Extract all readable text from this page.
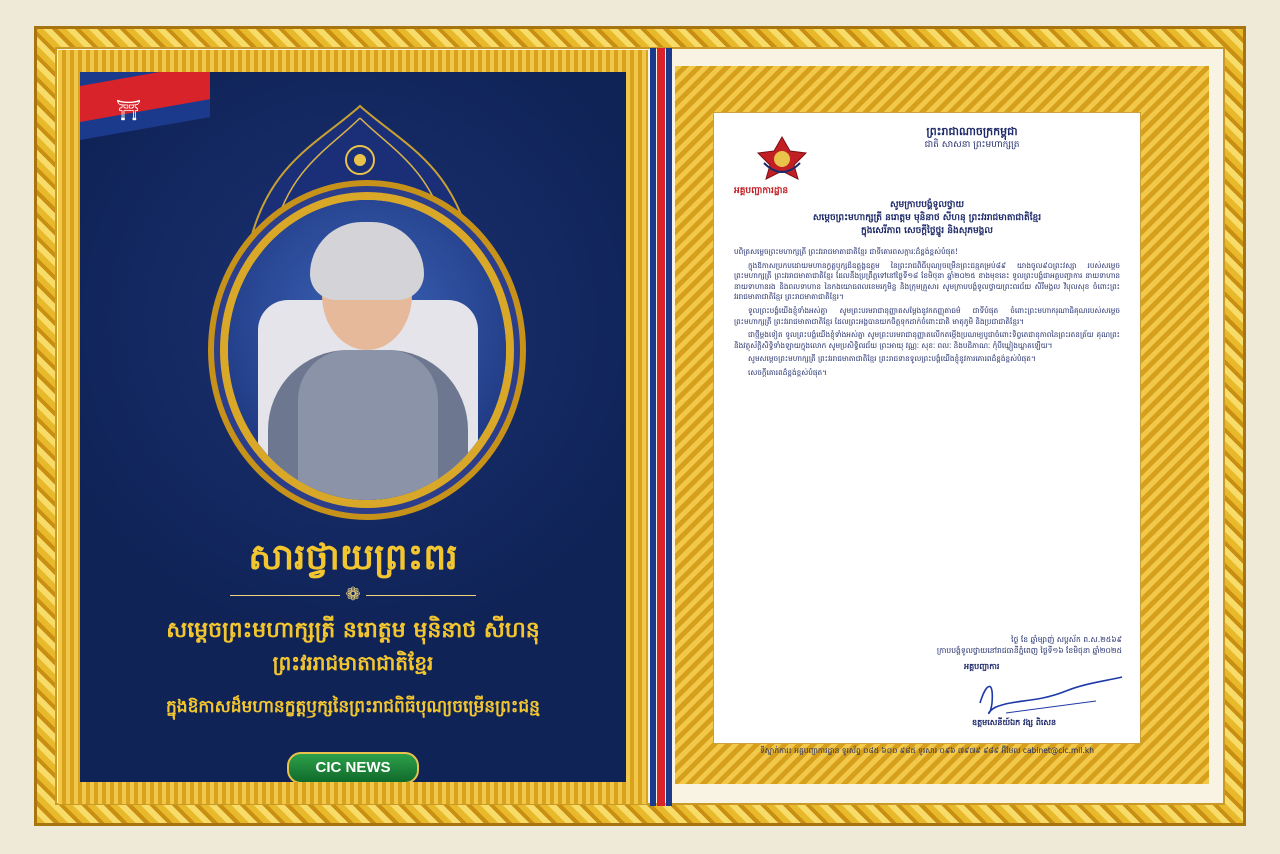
⛩
សារថ្វាយព្រះពរ
❁
សម្តេចព្រះមហាក្សត្រី នរោត្តម មុនិនាថ សីហនុ
ព្រះវររាជមាតាជាតិខ្មែរ
ក្នុងឱកាសដ៏មហានក្ខត្តឫក្សនៃព្រះរាជពិធីបុណ្យចម្រើនព្រះជន្ម
CIC NEWS
អគ្គបញ្ជាការដ្ឋាន
ព្រះរាជាណាចក្រកម្ពុជា
ជាតិ សាសនា ព្រះមហាក្សត្រ
សូមក្រាបបង្គំទូលថ្វាយ
សម្តេចព្រះមហាក្សត្រី នរោត្តម មុនិនាថ សីហនុ ព្រះវររាជមាតាជាតិខ្មែរ
ក្នុងសេរីភាព សេចក្តីថ្លៃថ្នូរ និងសុភមង្គល

បពិត្រសម្តេចព្រះមហាក្សត្រី ព្រះវររាជមាតាជាតិខ្មែរ ជាទីគោរពសក្ការៈដ៏ខ្ពង់ខ្ពស់បំផុត!

ក្នុងឱកាសប្រកបដោយមហានក្ខត្តឫក្សដ៏ឧត្តុង្គឧត្តម នៃព្រះរាជពិធីបុណ្យចម្រើនព្រះជន្មគម្រប់៨៩ យាងចូល៩០ព្រះវស្សា របស់សម្តេចព្រះមហាក្សត្រី ព្រះវររាជមាតាជាតិខ្មែរ ដែលនឹងប្រព្រឹត្តទៅនៅថ្ងៃទី១៨ ខែមិថុនា ឆ្នាំ២០២៥ ខាងមុខនេះ ទូលព្រះបង្គំជាអគ្គបញ្ជាការ នាយទាហាន នាយទាហានរង និងពលទាហាន នៃកងយោធពលខេមរភូមិន្ទ និងក្រុមគ្រួសារ សូមក្រាបបង្គំទូលថ្វាយព្រះពរជ័យ សិរីមង្គល វិបុលសុខ ចំពោះព្រះវររាជមាតាជាតិខ្មែរ ព្រះរាជមាតាជាតិខ្មែរ។

ទូលព្រះបង្គំយើងខ្ញុំទាំងអស់គ្នា សូមព្រះបរមរាជានុញ្ញាតសម្តែងនូវកតញ្ញុតាធម៌ ជាទីបំផុត ចំពោះព្រះមហាករុណាធិគុណរបស់សម្តេចព្រះមហាក្សត្រី ព្រះវររាជមាតាជាតិខ្មែរ ដែលព្រះអង្គបានយកចិត្តទុកដាក់ចំពោះជាតិ មាតុភូមិ និងប្រជាជាតិខ្មែរ។

ជាថ្មីម្តងទៀត ទូលព្រះបង្គំយើងខ្ញុំទាំងអស់គ្នា សូមព្រះបរមរាជានុញ្ញាតលើកតម្កើងប្រណម្យបូជាចំពោះទិព្វតេជានុភាពនៃព្រះរតនត្រ័យ គុណព្រះ និងវត្ថុស័ក្តិសិទ្ធិទាំងឡាយក្នុងលោក សូមប្រសិទ្ធិពរជ័យ ព្រះអាយុ វណ្ណៈ សុខៈ ពលៈ និងបដិភាណៈ កុំបីឃ្លៀងឃ្លាតឡើយ។

សូមសម្តេចព្រះមហាក្សត្រី ព្រះវររាជមាតាជាតិខ្មែរ ព្រះរាជទានទូលព្រះបង្គំយើងខ្ញុំនូវការគោរពដ៏ខ្ពង់ខ្ពស់បំផុត។

សេចក្តីគោរពដ៏ខ្ពង់ខ្ពស់បំផុត។

ថ្ងៃ ខែ ឆ្នាំម្សាញ់ សប្តស័ក ព.ស.២៥៦៩
ក្រាបបង្គំទូលថ្វាយនៅរាជធានីភ្នំពេញ ថ្ងៃទី១៦ ខែមិថុនា ឆ្នាំ២០២៥
អគ្គបញ្ជាការ
ឧត្តមសេនីយ៍ឯក វង្ស ពិសេន
ទីស្នាក់ការ៖ អគ្គបញ្ជាការដ្ឋាន ទូរស័ព្ទ ០៨៥ ៦០០ ៩៨៥ ទូរសារ ០៩៦ ៧៩៧៩ ៩៨៩ អ៊ីមែល cabinet@cic.mil.kh
